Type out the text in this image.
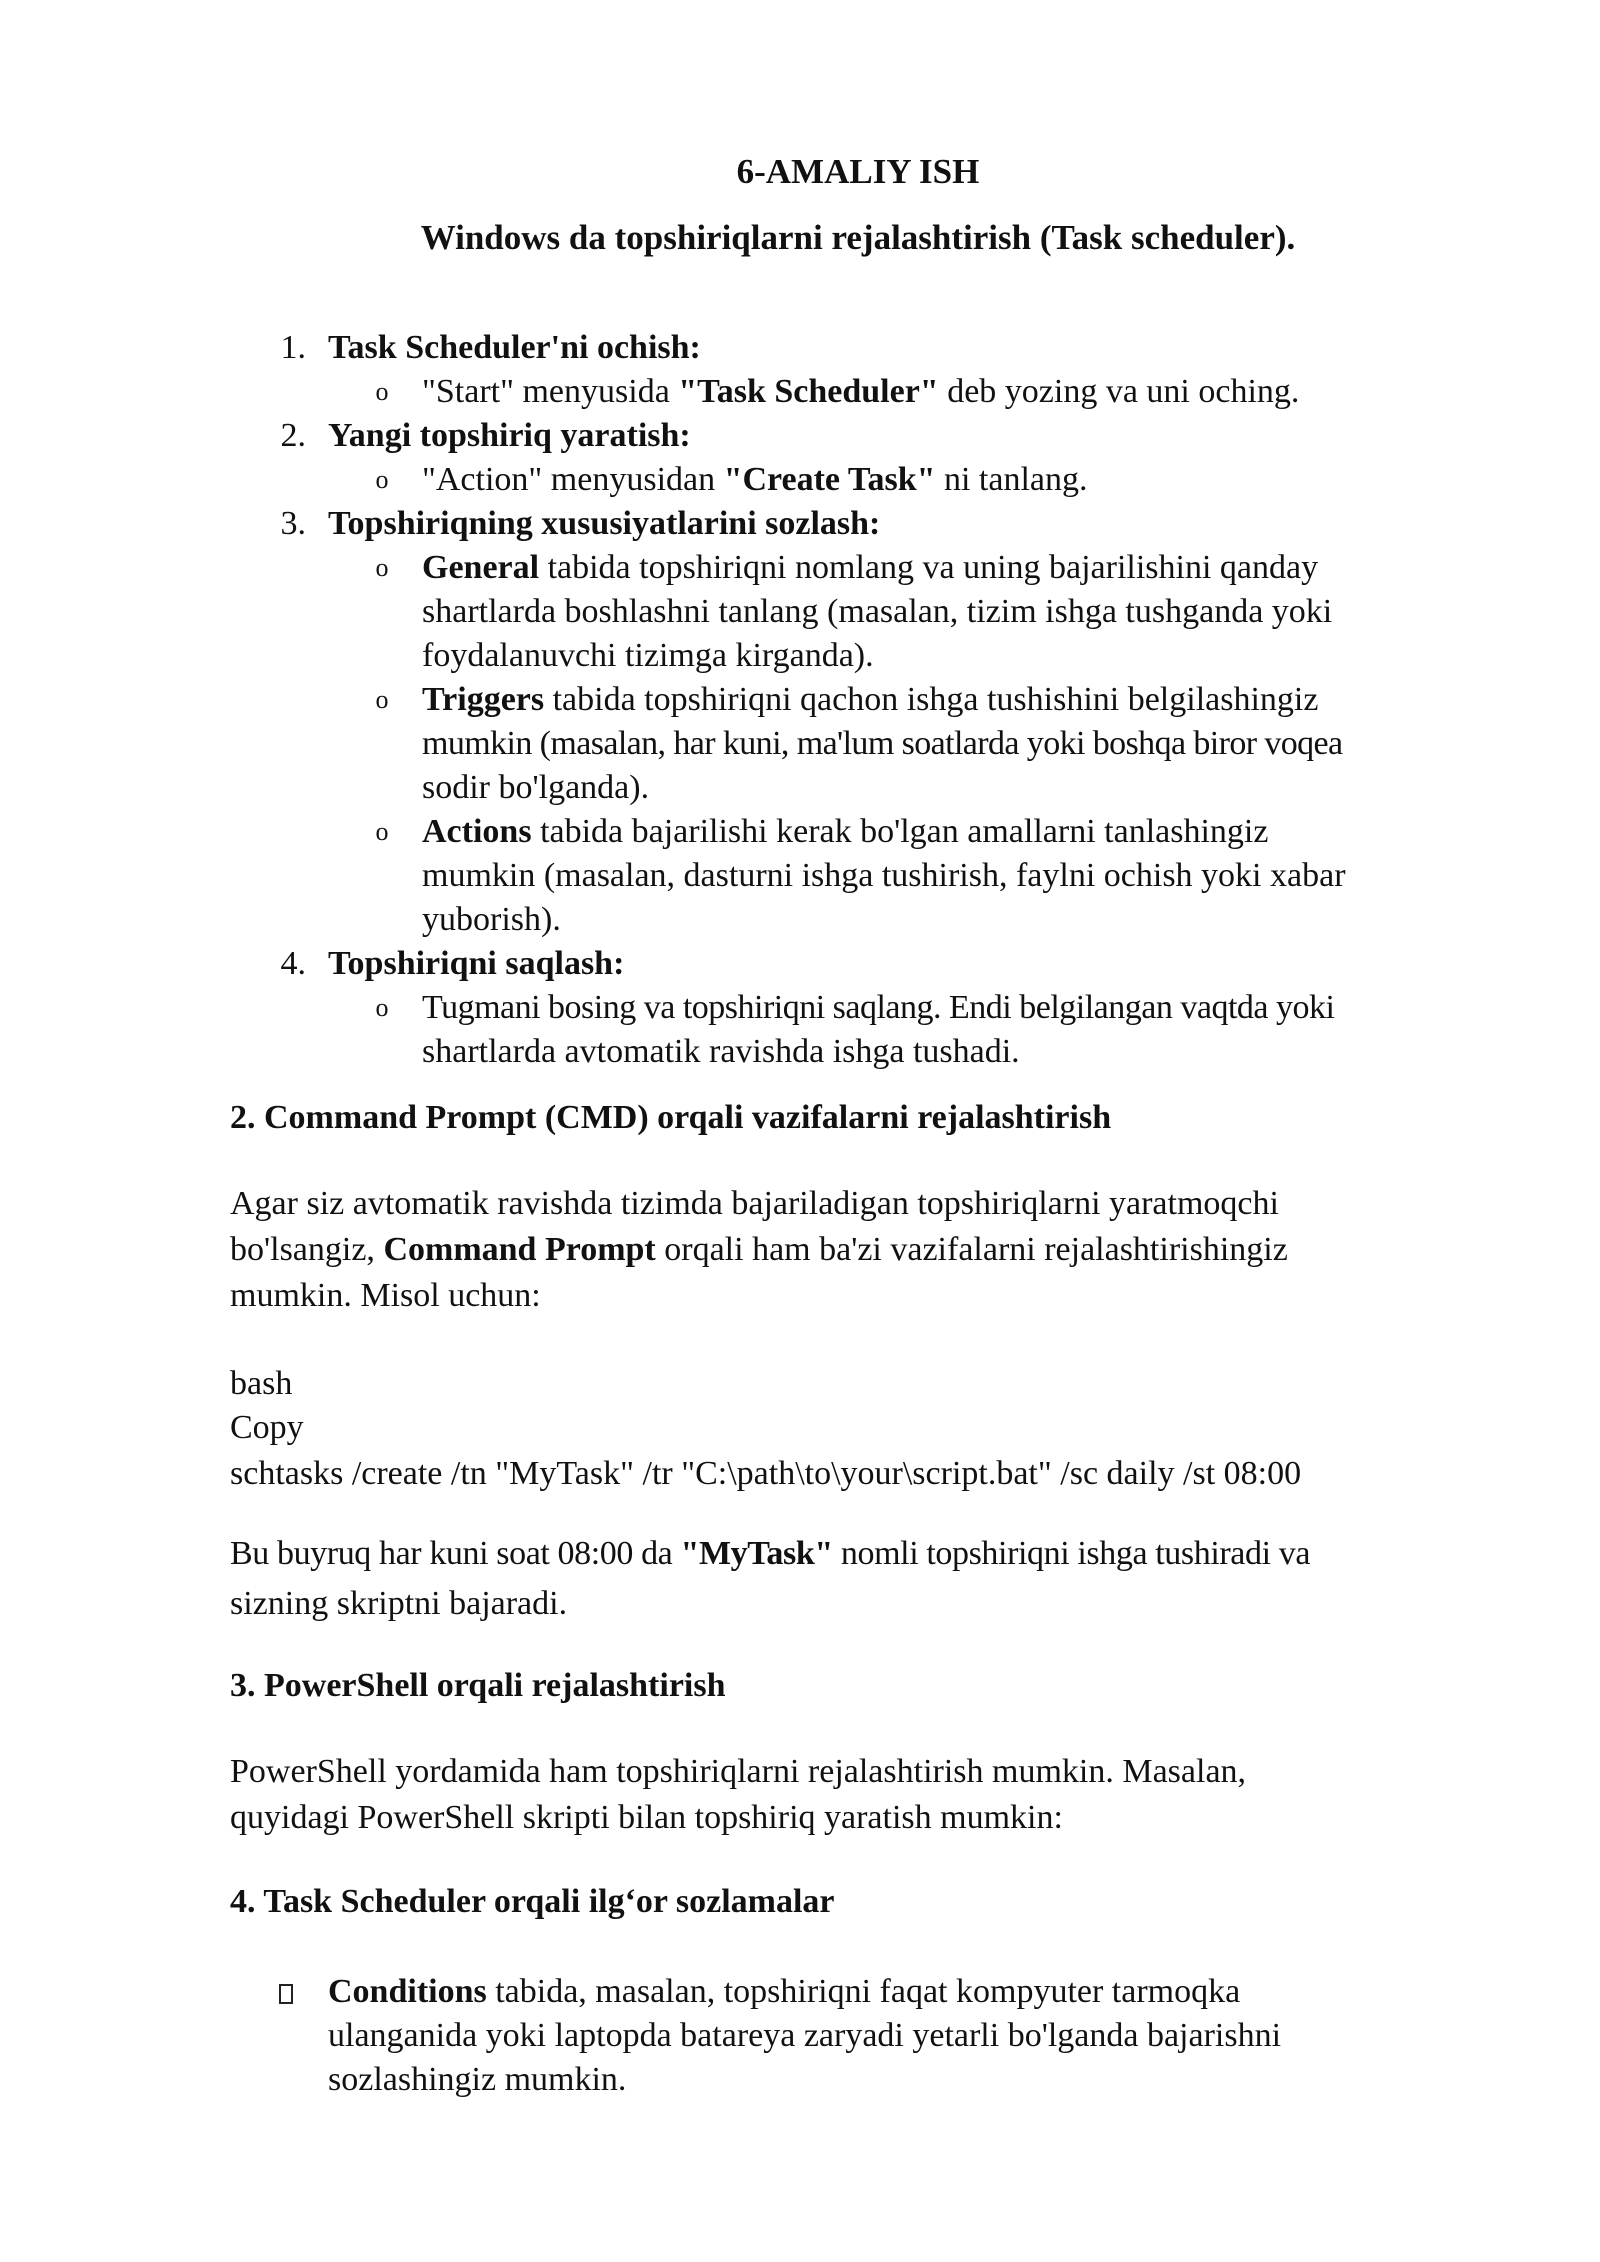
6-AMALIY ISH
Windows da topshiriqlarni rejalashtirish (Task scheduler).
1. Task Scheduler'ni ochish:
o "Start" menyusida "Task Scheduler" deb yozing va uni oching.
2. Yangi topshiriq yaratish:
o "Action" menyusidan "Create Task" ni tanlang.
3. Topshiriqning xususiyatlarini sozlash:
o General tabida topshiriqni nomlang va uning bajarilishini qanday
shartlarda boshlashni tanlang (masalan, tizim ishga tushganda yoki
foydalanuvchi tizimga kirganda).
o Triggers tabida topshiriqni qachon ishga tushishini belgilashingiz
mumkin (masalan, har kuni, ma'lum soatlarda yoki boshqa biror voqea
sodir bo'lganda).
o Actions tabida bajarilishi kerak bo'lgan amallarni tanlashingiz
mumkin (masalan, dasturni ishga tushirish, faylni ochish yoki xabar
yuborish).
4. Topshiriqni saqlash:
o Tugmani bosing va topshiriqni saqlang. Endi belgilangan vaqtda yoki
shartlarda avtomatik ravishda ishga tushadi.
2. Command Prompt (CMD) orqali vazifalarni rejalashtirish
Agar siz avtomatik ravishda tizimda bajariladigan topshiriqlarni yaratmoqchi
bo'lsangiz, Command Prompt orqali ham ba'zi vazifalarni rejalashtirishingiz
mumkin. Misol uchun:
bash
Copy
schtasks /create /tn "MyTask" /tr "C:\path\to\your\script.bat" /sc daily /st 08:00
Bu buyruq har kuni soat 08:00 da "MyTask" nomli topshiriqni ishga tushiradi va
sizning skriptni bajaradi.
3. PowerShell orqali rejalashtirish
PowerShell yordamida ham topshiriqlarni rejalashtirish mumkin. Masalan,
quyidagi PowerShell skripti bilan topshiriq yaratish mumkin:
4. Task Scheduler orqali ilg‘or sozlamalar
Conditions tabida, masalan, topshiriqni faqat kompyuter tarmoqka
ulanganida yoki laptopda batareya zaryadi yetarli bo'lganda bajarishni
sozlashingiz mumkin.
